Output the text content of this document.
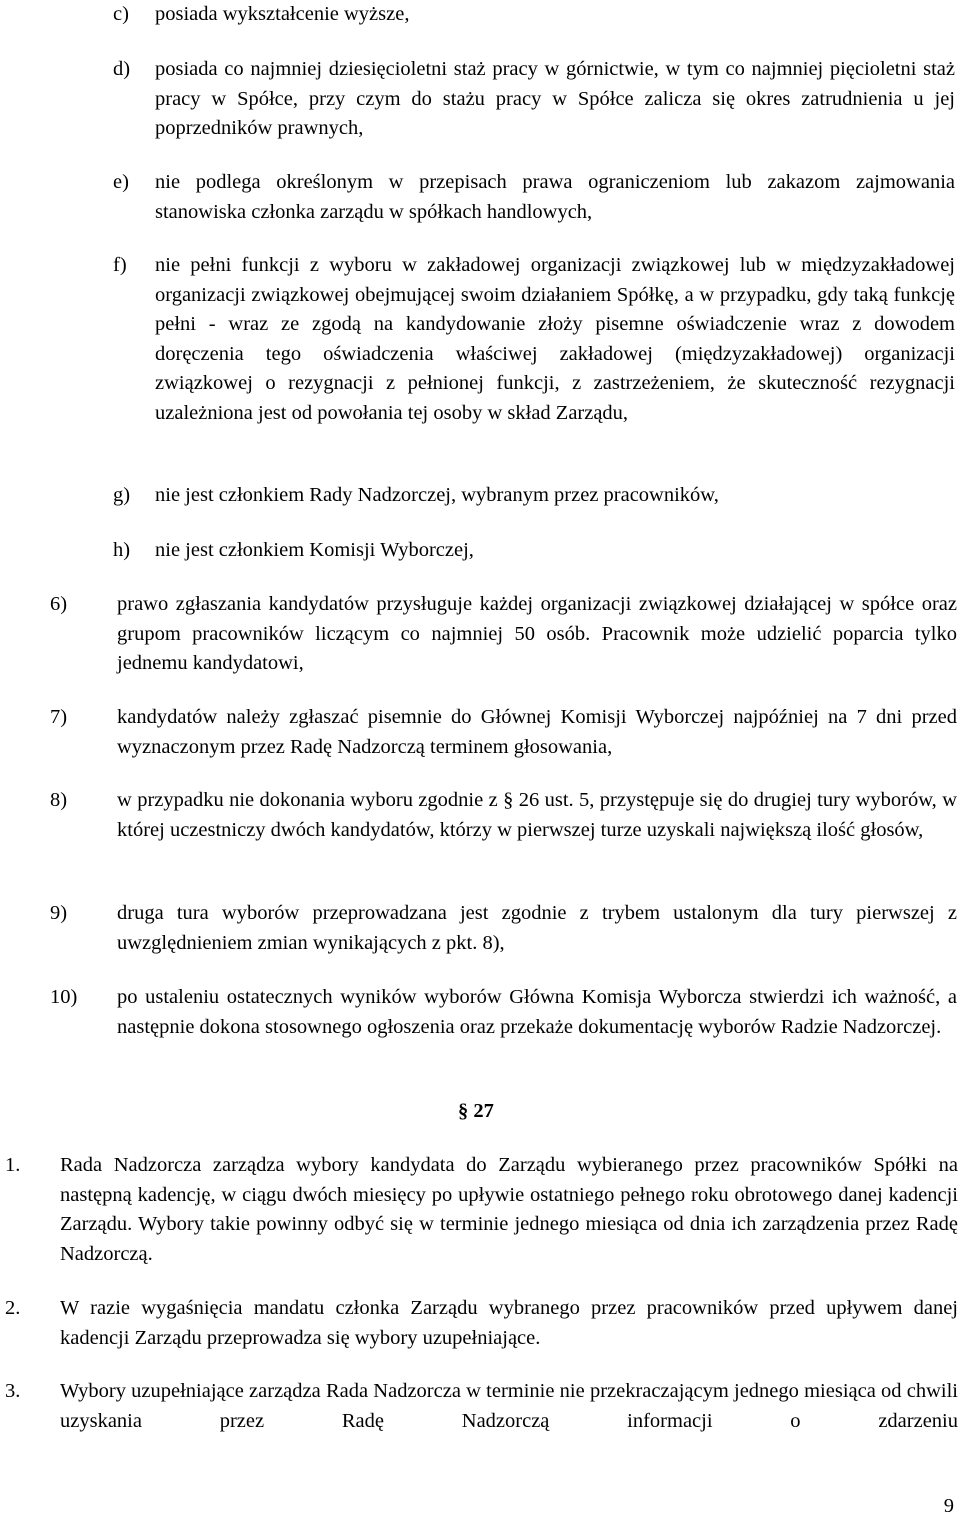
c) posiada wykształcenie wyższe,
d) posiada co najmniej dziesięcioletni staż pracy w górnictwie, w tym co najmniej pięcioletni staż pracy w Spółce, przy czym do stażu pracy w Spółce zalicza się okres zatrudnienia u jej poprzedników prawnych,
e) nie podlega określonym w przepisach prawa ograniczeniom lub zakazom zajmowania stanowiska członka zarządu w spółkach handlowych,
f) nie pełni funkcji z wyboru w zakładowej organizacji związkowej lub w międzyzakładowej organizacji związkowej obejmującej swoim działaniem Spółkę, a w przypadku, gdy taką funkcję pełni - wraz ze zgodą na kandydowanie złoży pisemne oświadczenie wraz z dowodem doręczenia tego oświadczenia właściwej zakładowej (międzyzakładowej) organizacji związkowej o rezygnacji z pełnionej funkcji, z zastrzeżeniem, że skuteczność rezygnacji uzależniona jest od powołania tej osoby w skład Zarządu,
g) nie jest członkiem Rady Nadzorczej, wybranym przez pracowników,
h) nie jest członkiem Komisji Wyborczej,
6) prawo zgłaszania kandydatów przysługuje każdej organizacji związkowej działającej w spółce oraz grupom pracowników liczącym co najmniej 50 osób. Pracownik może udzielić poparcia tylko jednemu kandydatowi,
7) kandydatów należy zgłaszać pisemnie do Głównej Komisji Wyborczej najpóźniej na 7 dni przed wyznaczonym przez Radę Nadzorczą terminem głosowania,
8) w przypadku nie dokonania wyboru zgodnie z § 26 ust. 5, przystępuje się do drugiej tury wyborów, w której uczestniczy dwóch kandydatów, którzy w pierwszej turze uzyskali największą ilość głosów,
9) druga tura wyborów przeprowadzana jest zgodnie z trybem ustalonym dla tury pierwszej z uwzględnieniem zmian wynikających z pkt. 8),
10) po ustaleniu ostatecznych wyników wyborów Główna Komisja Wyborcza stwierdzi ich ważność, a następnie dokona stosownego ogłoszenia oraz przekaże dokumentację wyborów Radzie Nadzorczej.
§ 27
1. Rada Nadzorcza zarządza wybory kandydata do Zarządu wybieranego przez pracowników Spółki na następną kadencję, w ciągu dwóch miesięcy po upływie ostatniego pełnego roku obrotowego danej kadencji Zarządu. Wybory takie powinny odbyć się w terminie jednego miesiąca od dnia ich zarządzenia przez Radę Nadzorczą.
2. W razie wygaśnięcia mandatu członka Zarządu wybranego przez pracowników przed upływem danej kadencji Zarządu przeprowadza się wybory uzupełniające.
3. Wybory uzupełniające zarządza Rada Nadzorcza w terminie nie przekraczającym jednego miesiąca od chwili uzyskania przez Radę Nadzorczą informacji o zdarzeniu
9
